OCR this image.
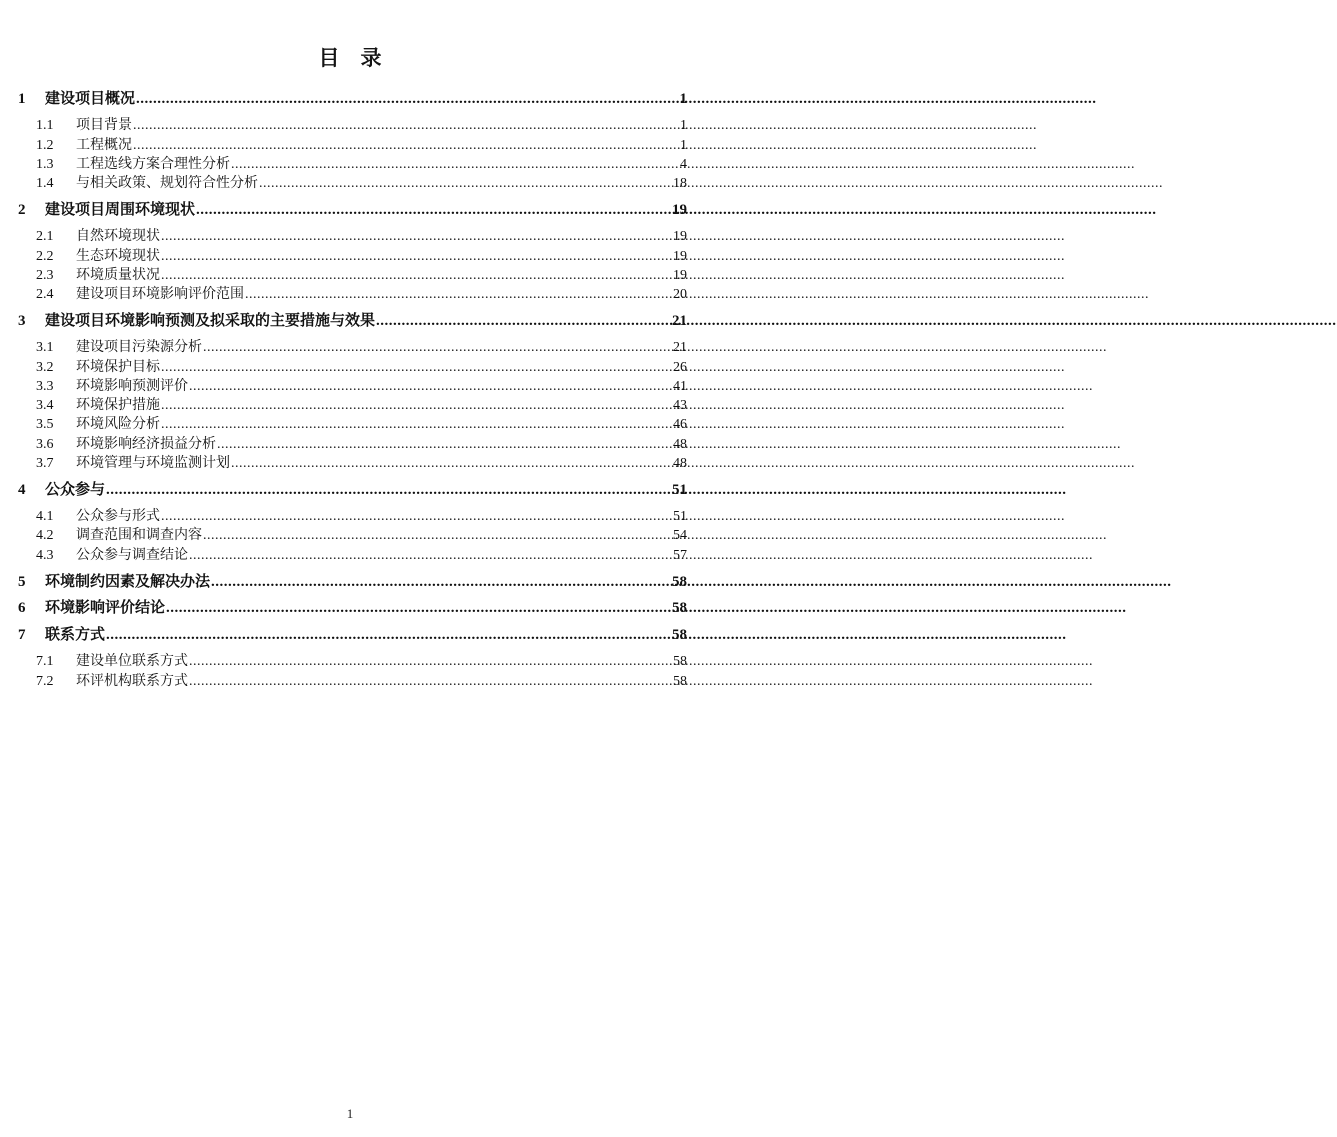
目　录
1	建设项目概况 .....	1
1.1	项目背景 .....	1
1.2	工程概况 .....	1
1.3	工程选线方案合理性分析 .....	4
1.4	与相关政策、规划符合性分析 .....	18
2	建设项目周围环境现状 .....	19
2.1	自然环境现状 .....	19
2.2	生态环境现状 .....	19
2.3	环境质量状况 .....	19
2.4	建设项目环境影响评价范围 .....	20
3	建设项目环境影响预测及拟采取的主要措施与效果 .....	21
3.1	建设项目污染源分析 .....	21
3.2	环境保护目标 .....	26
3.3	环境影响预测评价 .....	41
3.4	环境保护措施 .....	43
3.5	环境风险分析 .....	46
3.6	环境影响经济损益分析 .....	48
3.7	环境管理与环境监测计划 .....	48
4	公众参与 .....	51
4.1	公众参与形式 .....	51
4.2	调查范围和调查内容 .....	54
4.3	公众参与调查结论 .....	57
5	环境制约因素及解决办法 .....	58
6	环境影响评价结论 .....	58
7	联系方式 .....	58
7.1	建设单位联系方式 .....	58
7.2	环评机构联系方式 .....	58
1
